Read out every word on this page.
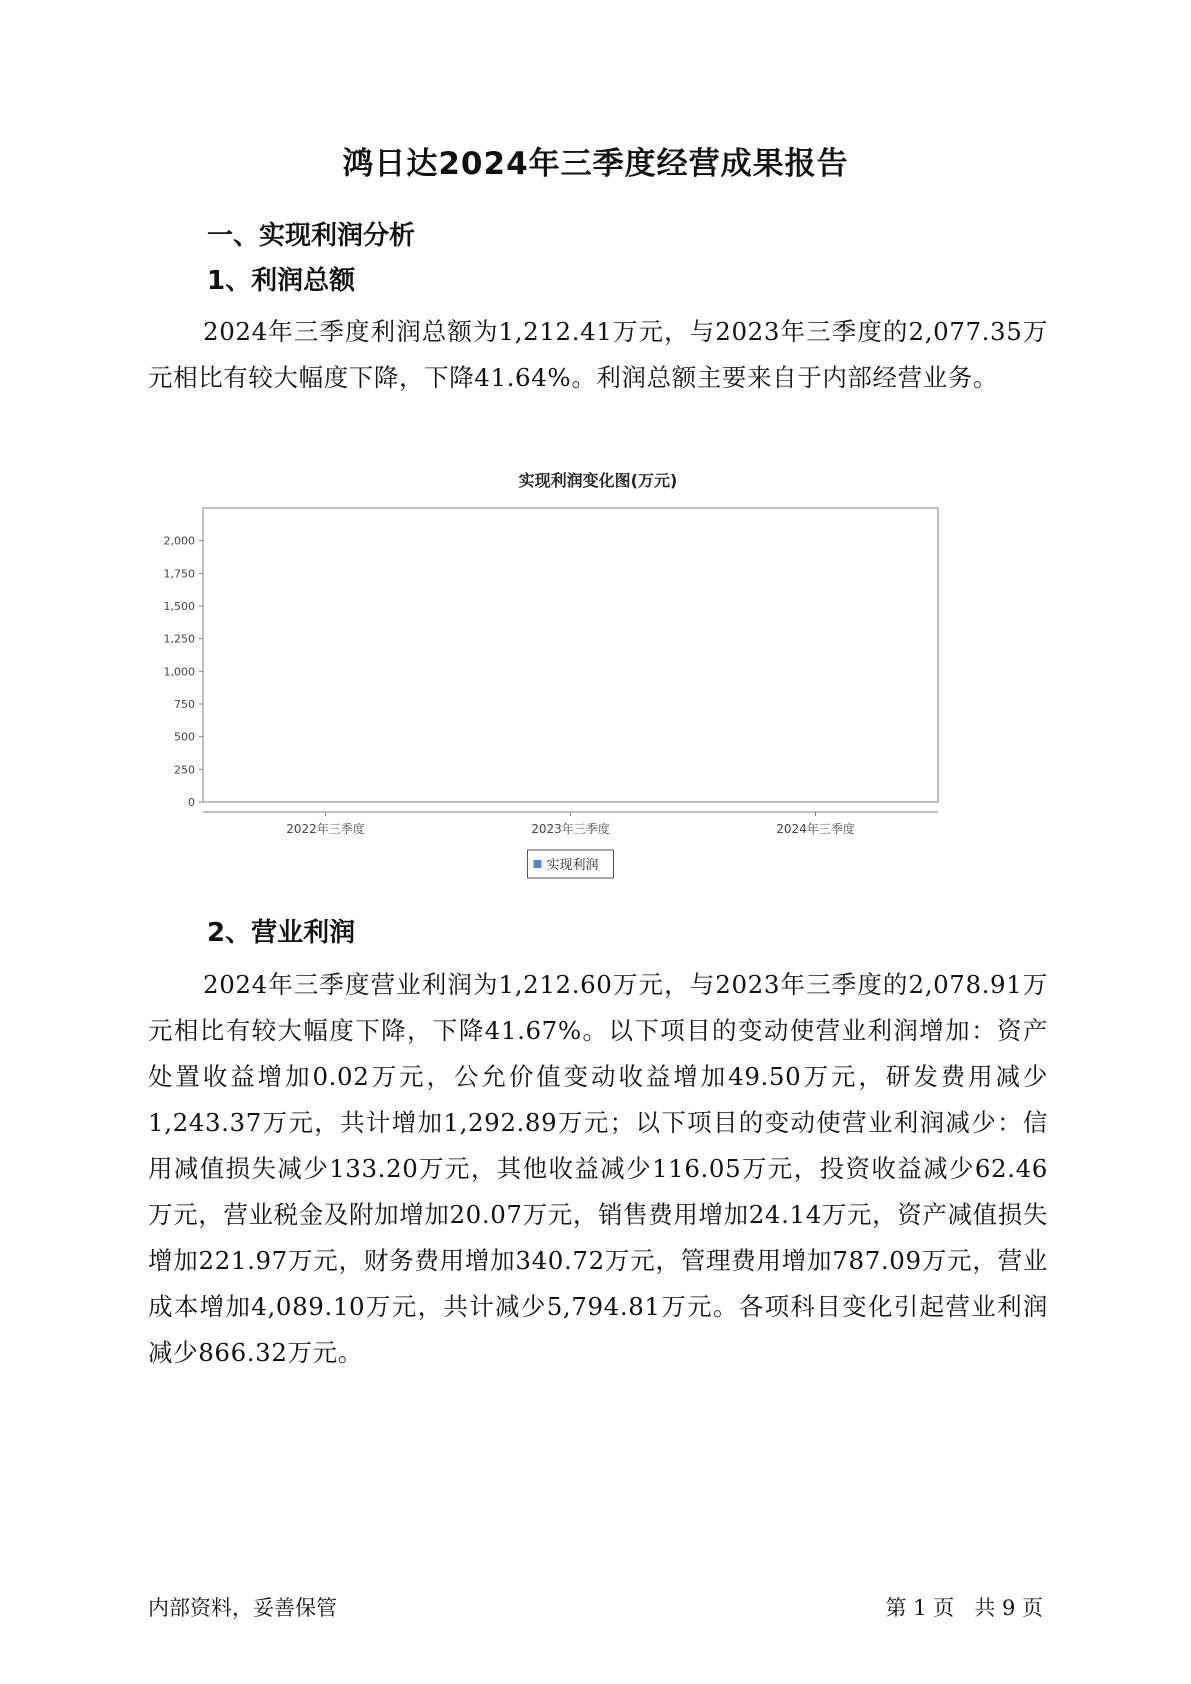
鸿日达2024年三季度经营成果报告
一、实现利润分析
1、利润总额

2024年三季度利润总额为1,212.41万元，与2023年三季度的2,077.35万元相比有较大幅度下降，下降41.64%。利润总额主要来自于内部经营业务。

实现利润变化图(万元)
0
250
500
750
1,000
1,250
1,500
1,750
2,000
2022年三季度	2023年三季度	2024年三季度
实现利润
2、营业利润

2024年三季度营业利润为1,212.60万元，与2023年三季度的2,078.91万元相比有较大幅度下降，下降41.67%。以下项目的变动使营业利润增加：资产处置收益增加0.02万元，公允价值变动收益增加49.50万元，研发费用减少1,243.37万元，共计增加1,292.89万元；以下项目的变动使营业利润减少：信用减值损失减少133.20万元，其他收益减少116.05万元，投资收益减少62.46万元，营业税金及附加增加20.07万元，销售费用增加24.14万元，资产减值损失增加221.97万元，财务费用增加340.72万元，管理费用增加787.09万元，营业成本增加4,089.10万元，共计减少5,794.81万元。各项科目变化引起营业利润减少866.32万元。

内部资料，妥善保管	第 1 页   共 9 页
